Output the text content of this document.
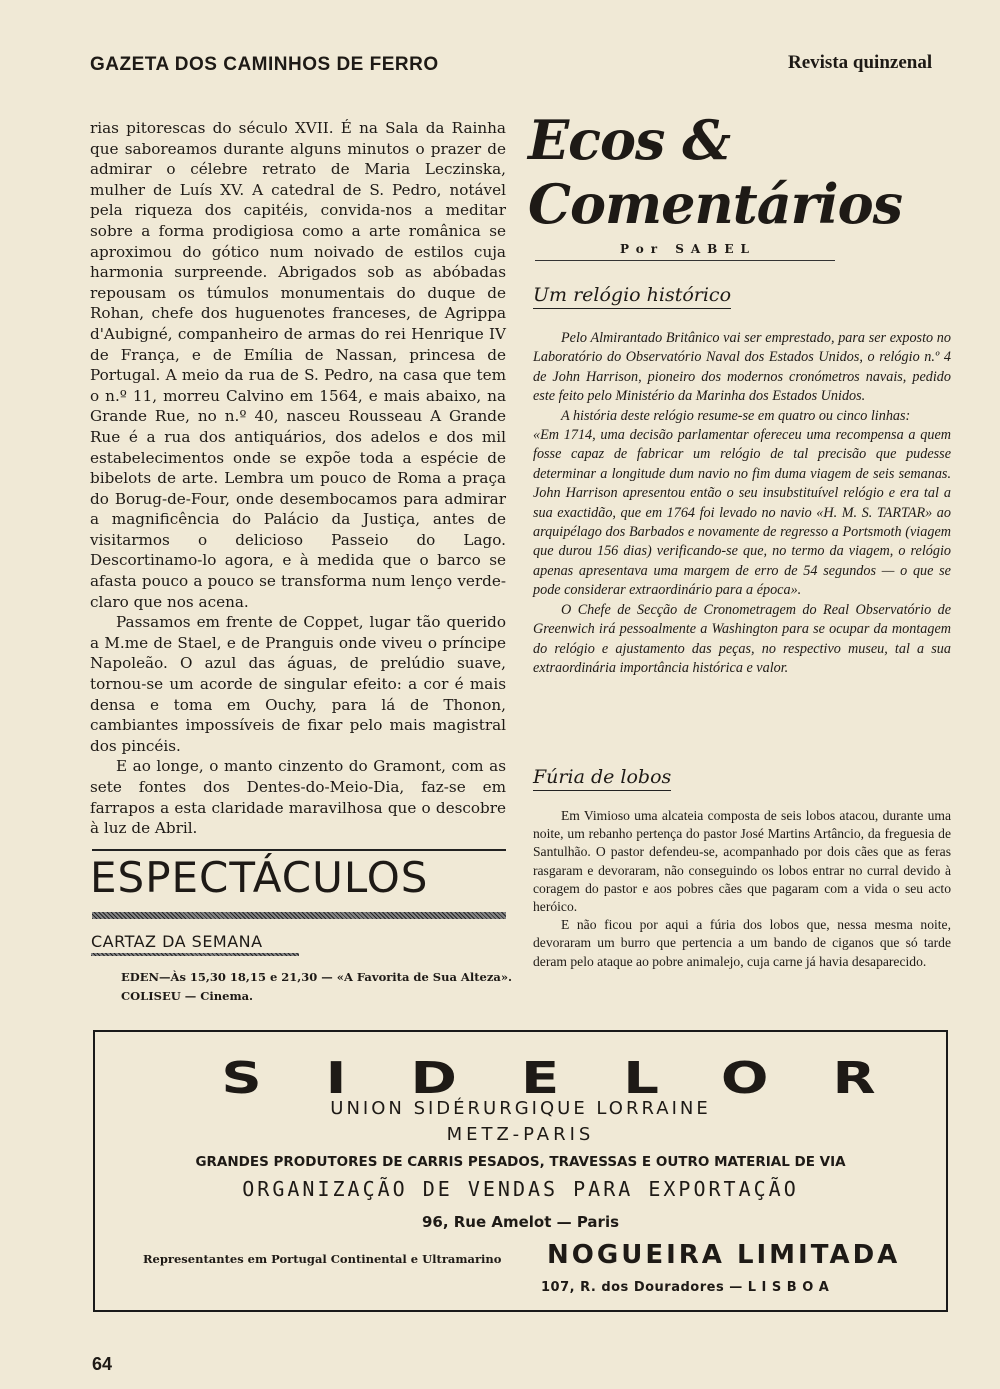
GAZETA DOS CAMINHOS DE FERRO	Revista quinzenal

rias pitorescas do século XVII. É na Sala da Rainha que saboreamos durante alguns minutos o prazer de admirar o célebre retrato de Maria Leczinska, mulher de Luís XV. A catedral de S. Pedro, notável pela riqueza dos capitéis, convida-nos a meditar sobre a forma prodigiosa como a arte românica se aproximou do gótico num noivado de estilos cuja harmonia surpreende. Abrigados sob as abóbadas repousam os túmulos monumentais do duque de Rohan, chefe dos huguenotes franceses, de Agrippa d'Aubigné, companheiro de armas do rei Henrique IV de França, e de Emília de Nassan, princesa de Portugal. A meio da rua de S. Pedro, na casa que tem o n.º 11, morreu Calvino em 1564, e mais abaixo, na Grande Rue, no n.º 40, nasceu Rousseau A Grande Rue é a rua dos antiquários, dos adelos e dos mil estabelecimentos onde se expõe toda a espécie de bibelots de arte. Lembra um pouco de Roma a praça do Borug-de-Four, onde desembocamos para admirar a magnificência do Palácio da Justiça, antes de visitarmos o delicioso Passeio do Lago. Descortinamo-lo agora, e à medida que o barco se afasta pouco a pouco se transforma num lenço verde-claro que nos acena.

Passamos em frente de Coppet, lugar tão querido a M.me de Stael, e de Pranguis onde viveu o príncipe Napoleão. O azul das águas, de prelúdio suave, tornou-se um acorde de singular efeito: a cor é mais densa e toma em Ouchy, para lá de Thonon, cambiantes impossíveis de fixar pelo mais magistral dos pincéis.

E ao longe, o manto cinzento do Gramont, com as sete fontes dos Dentes-do-Meio-Dia, faz-se em farrapos a esta claridade maravilhosa que o descobre à luz de Abril.

Ecos & Comentários
Por SABEL
Um relógio histórico

Pelo Almirantado Britânico vai ser emprestado, para ser exposto no Laboratório do Observatório Naval dos Estados Unidos, o relógio n.º 4 de John Harrison, pioneiro dos modernos cronómetros navais, pedido este feito pelo Ministério da Marinha dos Estados Unidos.

A história deste relógio resume-se em quatro ou cinco linhas:

«Em 1714, uma decisão parlamentar ofereceu uma recompensa a quem fosse capaz de fabricar um relógio de tal precisão que pudesse determinar a longitude dum navio no fim duma viagem de seis semanas. John Harrison apresentou então o seu insubstituível relógio e era tal a sua exactidão, que em 1764 foi levado no navio «H. M. S. TARTAR» ao arquipélago dos Barbados e novamente de regresso a Portsmoth (viagem que durou 156 dias) verificando-se que, no termo da viagem, o relógio apenas apresentava uma margem de erro de 54 segundos — o que se pode considerar extraordinário para a época».

O Chefe de Secção de Cronometragem do Real Observatório de Greenwich irá pessoalmente a Washington para se ocupar da montagem do relógio e ajustamento das peças, no respectivo museu, tal a sua extraordinária importância histórica e valor.

Fúria de lobos

Em Vimioso uma alcateia composta de seis lobos atacou, durante uma noite, um rebanho pertença do pastor José Martins Artâncio, da freguesia de Santulhão. O pastor defendeu-se, acompanhado por dois cães que as feras rasgaram e devoraram, não conseguindo os lobos entrar no curral devido à coragem do pastor e aos pobres cães que pagaram com a vida o seu acto heróico.

E não ficou por aqui a fúria dos lobos que, nessa mesma noite, devoraram um burro que pertencia a um bando de ciganos que só tarde deram pelo ataque ao pobre animalejo, cuja carne já havia desaparecido.

ESPECTÁCULOS
CARTAZ DA SEMANA
EDEN—Às 15,30 18,15 e 21,30 — «A Favorita de Sua Alteza».
COLISEU — Cinema.
SIDELOR
UNION SIDÉRURGIQUE LORRAINE
METZ-PARIS
GRANDES PRODUTORES DE CARRIS PESADOS, TRAVESSAS E OUTRO MATERIAL DE VIA
ORGANIZAÇÃO DE VENDAS PARA EXPORTAÇÃO
96, Rue Amelot — Paris
Representantes em Portugal Continental e Ultramarino NOGUEIRA LIMITADA
107, R. dos Douradores — L I S B O A
64
